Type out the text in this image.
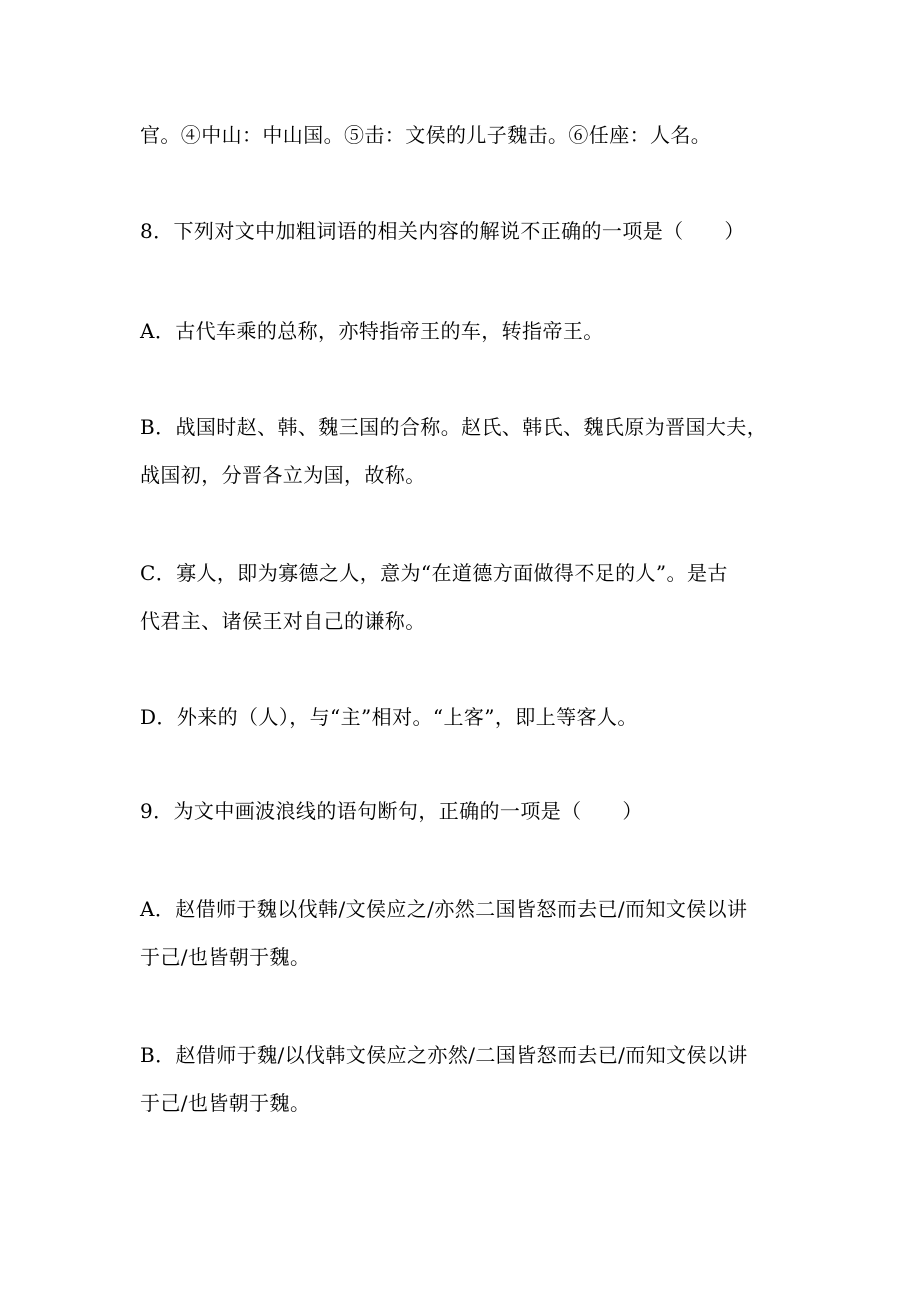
官。④中山：中山国。⑤击：文侯的儿子魏击。⑥任座：人名。
8．下列对文中加粗词语的相关内容的解说不正确的一项是（　　）
A．古代车乘的总称，亦特指帝王的车，转指帝王。
B．战国时赵、韩、魏三国的合称。赵氏、韩氏、魏氏原为晋国大夫，
战国初，分晋各立为国，故称。
C．寡人，即为寡德之人，意为“在道德方面做得不足的人”。是古
代君主、诸侯王对自己的谦称。
D．外来的（人），与“主”相对。“上客”，即上等客人。
9．为文中画波浪线的语句断句，正确的一项是（　　）
A．赵借师于魏以伐韩/文侯应之/亦然二国皆怒而去已/而知文侯以讲
于己/也皆朝于魏。
B．赵借师于魏/以伐韩文侯应之亦然/二国皆怒而去已/而知文侯以讲
于己/也皆朝于魏。
